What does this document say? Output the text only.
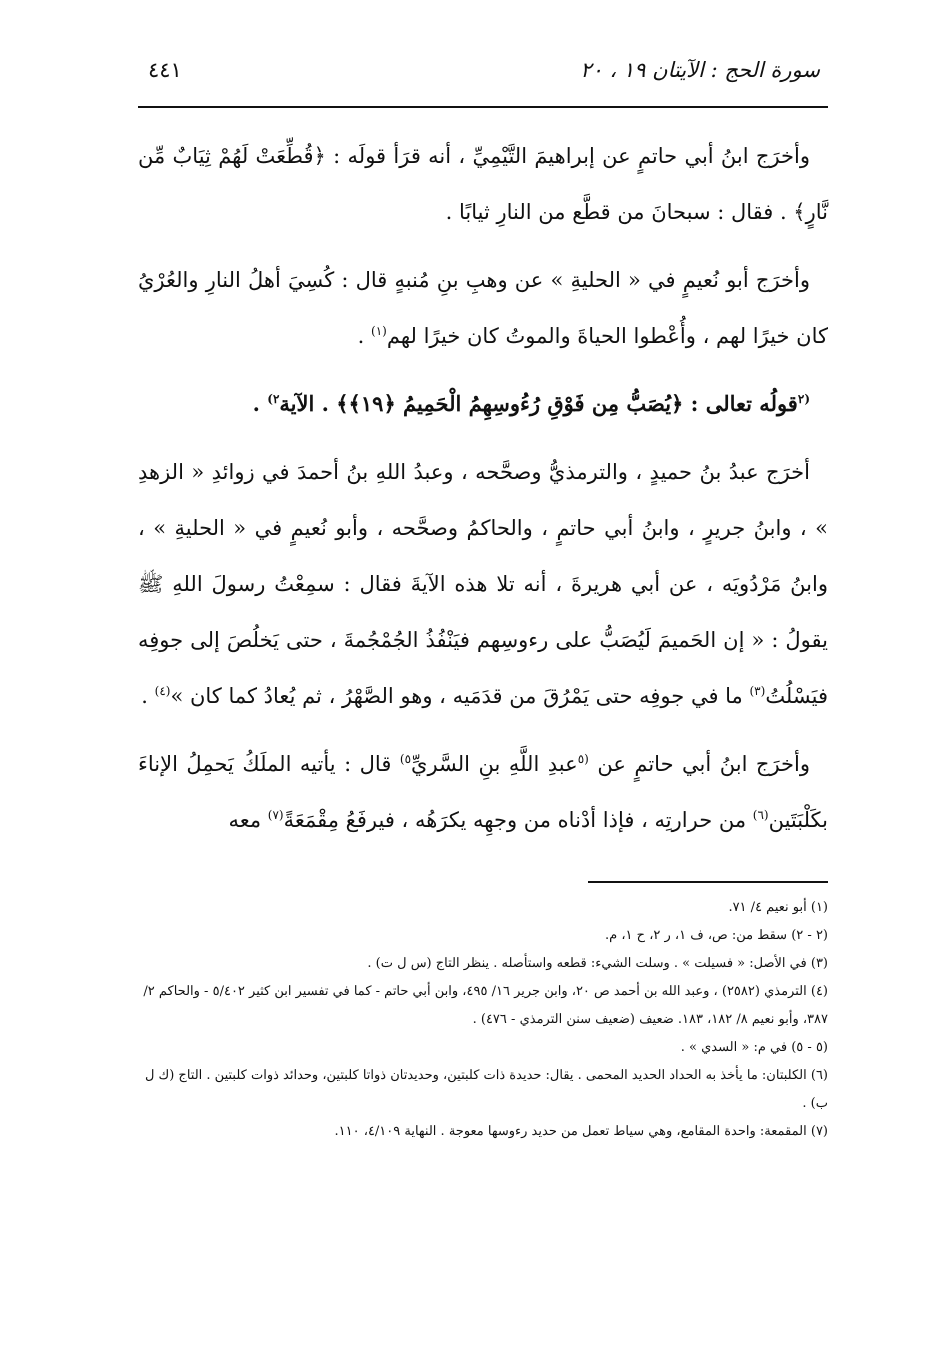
٤٤١	سورة الحج : الآيتان ١٩ ، ٢٠

وأخرَج ابنُ أبي حاتمٍ عن إبراهيمَ التَّيْمِيِّ ، أنه قرَأ قولَه : ﴿قُطِّعَتْ لَهُمْ ثِيَابٌ مِّن نَّارٍ﴾ . فقال : سبحانَ من قطَّع من النارِ ثيابًا .

وأخرَج أبو نُعيمٍ في « الحليةِ » عن وهبِ بنِ مُنبهٍ قال : كُسِيَ أهلُ النارِ والعُرْيُ كان خيرًا لهم ، وأُعْطوا الحياةَ والموتُ كان خيرًا لهم$^{(١)}$ .

$^{(٢}$قولُه تعالى : ﴿يُصَبُّ مِن فَوْقِ رُءُوسِهِمُ الْحَمِيمُ ﴿١٩﴾﴾ . الآية$^{٢)}$ .

أخرَج عبدُ بنُ حميدٍ ، والترمذيُّ وصحَّحه ، وعبدُ اللهِ بنُ أحمدَ في زوائدِ « الزهدِ » ، وابنُ جريرٍ ، وابنُ أبي حاتمٍ ، والحاكمُ وصحَّحه ، وأبو نُعيمٍ في « الحليةِ » ، وابنُ مَرْدُويَه ، عن أبي هريرةَ ، أنه تلا هذه الآيةَ فقال : سمِعْتُ رسولَ اللهِ ﷺ يقولُ : « إن الحَميمَ لَيُصَبُّ على رءوسِهم فيَنْفُذُ الجُمْجُمةَ ، حتى يَخلُصَ إلى جوفِه فيَسْلُتُ$^{(٣)}$ ما في جوفِه حتى يَمْرُقَ من قدَمَيه ، وهو الصَّهْرُ ، ثم يُعادُ كما كان »$^{(٤)}$ .

وأخرَج ابنُ أبي حاتمٍ عن $^{(٥}$عبدِ اللَّهِ بنِ السَّريِّ$^{٥)}$ قال : يأتيه الملَكُ يَحمِلُ الإناءَ بكَلْبَتَين$^{(٦)}$ من حرارتِه ، فإذا أدْناه من وجهِه يكرَهُه ، فيرفَعُ مِقْمَعَةً$^{(٧)}$ معه

(١) أبو نعيم ٤/ ٧١.

(٢ - ٢) سقط من: ص، ف ١، ر ٢، ح ١، م.

(٣) في الأصل: « فسيلت » . وسلت الشيء: قطعه واستأصله . ينظر التاج (س ل ت) .

(٤) الترمذي (٢٥٨٢) ، وعبد الله بن أحمد ص ٢٠، وابن جرير ١٦/ ٤٩٥، وابن أبي حاتم - كما في تفسير ابن كثير ٥/٤٠٢ - والحاكم ٢/ ٣٨٧، وأبو نعيم ٨/ ١٨٢، ١٨٣. ضعيف (ضعيف سنن الترمذي - ٤٧٦) .

(٥ - ٥) في م: « السدي » .

(٦) الكلبتان: ما يأخذ به الحداد الحديد المحمى . يقال: حديدة ذات كلبتين، وحديدتان ذواتا كلبتين، وحدائد ذوات كلبتين . التاج (ك ل ب) .

(٧) المقمعة: واحدة المقامع، وهي سياط تعمل من حديد رءوسها معوجة . النهاية ٤/١٠٩، ١١٠.
